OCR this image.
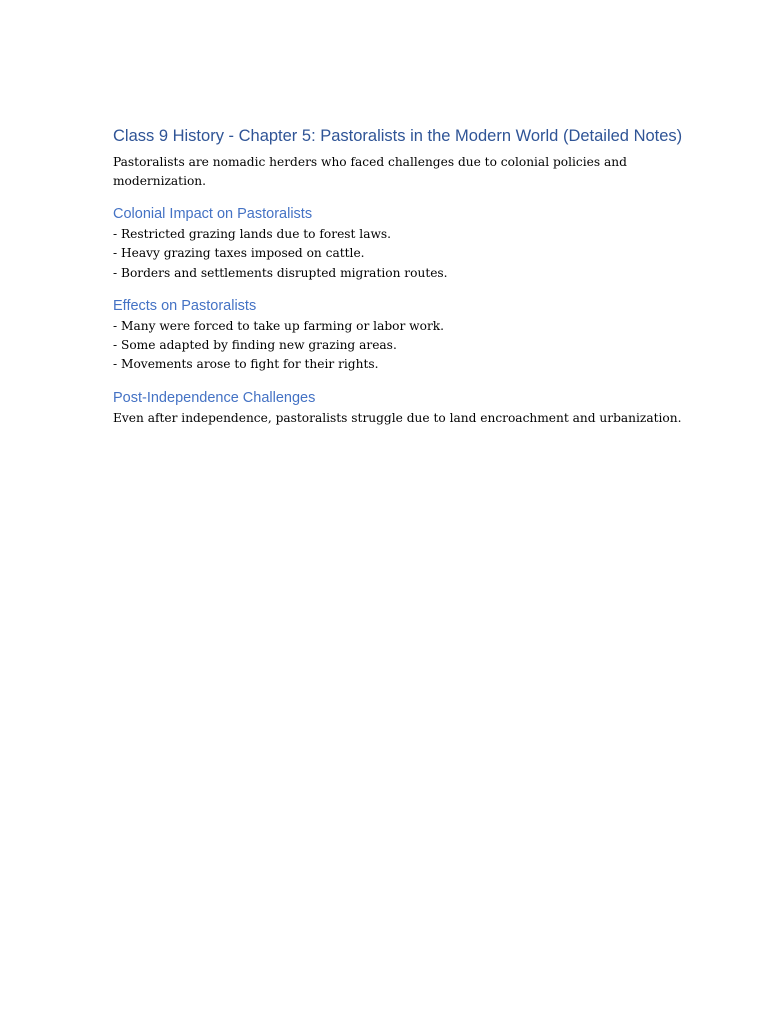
Class 9 History - Chapter 5: Pastoralists in the Modern World (Detailed Notes)

Pastoralists are nomadic herders who faced challenges due to colonial policies and modernization.

Colonial Impact on Pastoralists

- Restricted grazing lands due to forest laws.

- Heavy grazing taxes imposed on cattle.

- Borders and settlements disrupted migration routes.

Effects on Pastoralists

- Many were forced to take up farming or labor work.

- Some adapted by finding new grazing areas.

- Movements arose to fight for their rights.

Post-Independence Challenges

Even after independence, pastoralists struggle due to land encroachment and urbanization.
